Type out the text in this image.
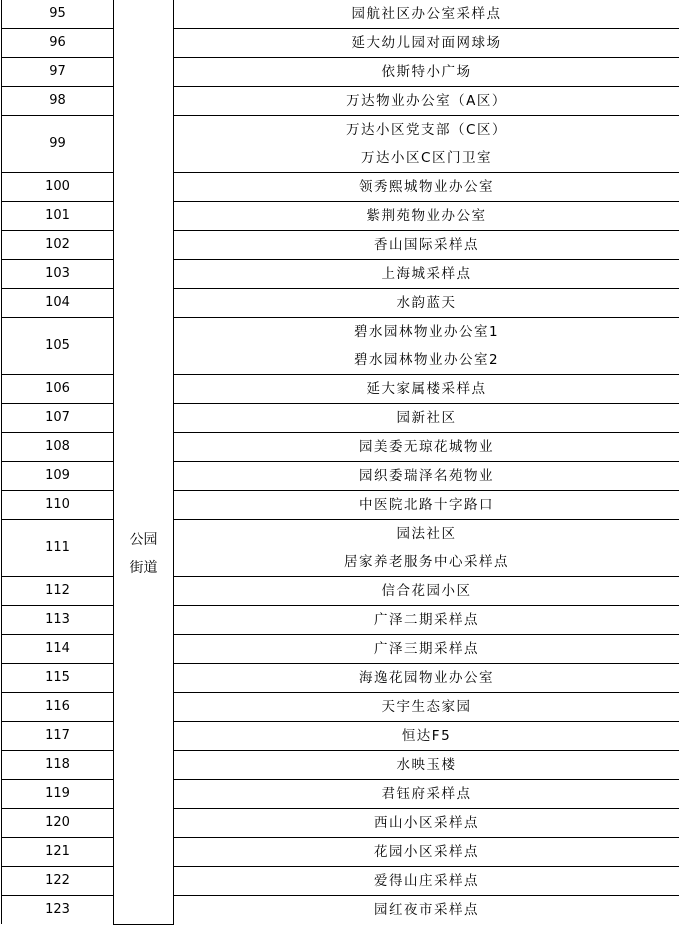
95	公园街道	园航社区办公室采样点

96		延大幼儿园对面网球场

97		依斯特小广场

98		万达物业办公室（A区）

99		万达小区党支部（C区）
万达小区C区门卫室

100		领秀熙城物业办公室

101		紫荆苑物业办公室

102		香山国际采样点

103		上海城采样点

104		水韵蓝天

105		碧水园林物业办公室1
碧水园林物业办公室2

106		延大家属楼采样点

107		园新社区

108		园美委无琼花城物业

109		园织委瑞泽名苑物业

110		中医院北路十字路口

111		园法社区
居家养老服务中心采样点

112		信合花园小区

113		广泽二期采样点

114		广泽三期采样点

115		海逸花园物业办公室

116		天宇生态家园

117		恒达F5

118		水映玉楼

119		君钰府采样点

120		西山小区采样点

121		花园小区采样点

122		爱得山庄采样点

123		园红夜市采样点
